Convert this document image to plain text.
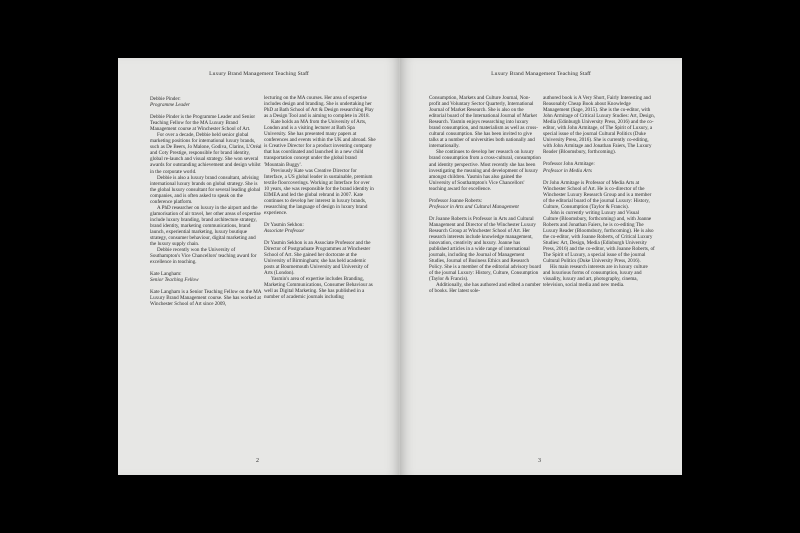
Luxury Brand Management Teaching Staff

Debbie Pinder:

Programme Leader

Debbie Pinder is the Programme Leader and Senior Teaching Fellow for the MA Luxury Brand Management course at Winchester School of Art.

For over a decade, Debbie held senior global marketing positions for international luxury brands, such as De Beers, Jo Malone, Godiva, Clarins, L'Oréal and Coty Prestige, responsible for brand identity, global re-launch and visual strategy. She won several awards for outstanding achievement and design whilst in the corporate world.

Debbie is also a luxury brand consultant, advising international luxury brands on global strategy. She is the global luxury consultant for several leading global companies, and is often asked to speak on the conference platform.

A PhD researcher on luxury in the airport and the glamorisation of air travel, her other areas of expertise include luxury branding, brand architecture strategy, brand identity, marketing communications, brand launch, experiential marketing, luxury boutique strategy, consumer behaviour, digital marketing and the luxury supply chain.

Debbie recently won the University of Southampton's Vice Chancellors' teaching award for excellence in teaching.

Kate Langham:

Senior Teaching Fellow

Kate Langham is a Senior Teaching Fellow on the MA Luxury Brand Management course. She has worked at Winchester School of Art since 2009,

lecturing on the MA courses. Her area of expertise includes design and branding. She is undertaking her PhD at Bath School of Art & Design researching Play as a Design Tool and is aiming to complete in 2018.

Kate holds an MA from the University of Arts, London and is a visiting lecturer at Bath Spa University. She has presented many papers at conferences and events within the UK and abroad. She is Creative Director for a product inventing company that has coordinated and launched in a new child transportation concept under the global brand 'Mountain Buggy'.

Previously Kate was Creative Director for Interface, a US global leader in sustainable, premium textile floorcoverings. Working at Interface for over 10 years, she was responsible for the brand identity in EIMEA and led the global rebrand in 2007. Kate continues to develop her interest in luxury brands, researching the language of design in luxury brand experience.

Dr Yasmin Sekhon:

Associate Professor

Dr Yasmin Sekhon is an Associate Professor and the Director of Postgraduate Programmes at Winchester School of Art. She gained her doctorate at the University of Birmingham; she has held academic posts at Bournemouth University and University of Arts (London).

Yasmin's area of expertise includes Branding, Marketing Communications, Consumer Behaviour as well as Digital Marketing. She has published in a number of academic journals including

2
Luxury Brand Management Teaching Staff

Consumption, Markets and Culture Journal, Non- profit and Voluntary Sector Quarterly, International Journal of Market Research. She is also on the editorial board of the International Journal of Market Research. Yasmin enjoys researching into luxury brand consumption, and materialism as well as cross-cultural consumption. She has been invited to give talks at a number of universities both nationally and internationally.

She continues to develop her research on luxury brand consumption from a cross-cultural, consumption and identity perspective. Most recently she has been investigating the meaning and development of luxury amongst children. Yasmin has also gained the University of Southampton's Vice Chancellors' teaching award for excellence.

Professor Joanne Roberts:

Professor in Arts and Cultural Management

Dr Joanne Roberts is Professor in Arts and Cultural Management and Director of the Winchester Luxury Research Group at Winchester School of Art. Her research interests include knowledge management, innovation, creativity and luxury. Joanne has published articles in a wide range of international journals, including the Journal of Management Studies, Journal of Business Ethics and Research Policy. She is a member of the editorial advisory board of the journal Luxury: History, Culture, Consumption (Taylor & Francis).

Additionally, she has authored and edited a number of books. Her latest sole-

authored book is A Very Short, Fairly Interesting and Reasonably Cheap Book about Knowledge Management (Sage, 2015). She is the co-editor, with John Armitage of Critical Luxury Studies: Art, Design, Media (Edinburgh University Press, 2016) and the co-editor, with John Armitage, of The Spirit of Luxury, a special issue of the journal Cultural Politics (Duke University Press, 2016). She is currently co-editing, with John Armitage and Jonathan Faiers, The Luxury Reader (Bloomsbury, forthcoming).

Professor John Armitage:

Professor in Media Arts

Dr John Armitage is Professor of Media Arts at Winchester School of Art. He is co-director of the Winchester Luxury Research Group and is a member of the editorial board of the journal Luxury: History, Culture, Consumption (Taylor & Francis).

John is currently writing Luxury and Visual Culture (Bloomsbury, forthcoming) and, with Joanne Roberts and Jonathan Faiers, he is co-editing The Luxury Reader (Bloomsbury, forthcoming). He is also the co-editor, with Joanne Roberts, of Critical Luxury Studies: Art, Design, Media (Edinburgh University Press, 2016) and the co-editor, with Joanne Roberts, of The Spirit of Luxury, a special issue of the journal Cultural Politics (Duke University Press, 2016).

His main research interests are in luxury culture and luxurious forms of consumption, luxury and visuality, luxury and art, photography, cinema, television, social media and new media.

3
